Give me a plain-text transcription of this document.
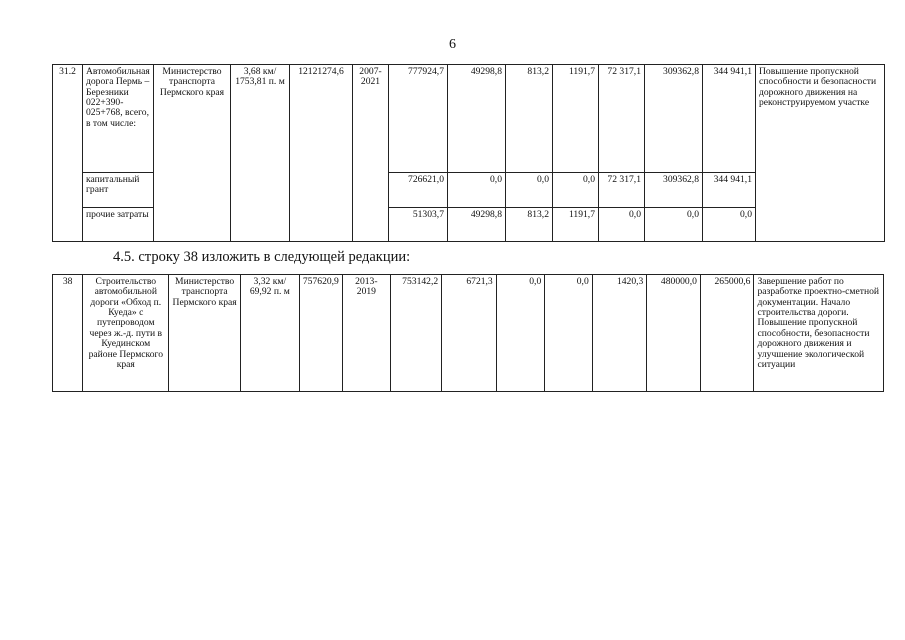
6
31.2	Автомобильная дорога Пермь – Березники 022+390-025+768, всего, в том числе:	Министерство транспорта Пермского края	3,68 км/ 1753,81 п. м	12121274,6	2007-2021	777924,7	49298,8	813,2	1191,7	72 317,1	309362,8	344 941,1	Повышение пропускной способности и безопасности дорожного движения на реконструируемом участке
	капитальный грант					726621,0	0,0	0,0	0,0	72 317,1	309362,8	344 941,1	
	прочие затраты					51303,7	49298,8	813,2	1191,7	0,0	0,0	0,0	
4.5. строку 38 изложить в следующей редакции:
38	Строительство автомобильной дороги «Обход п. Куеда» с путепроводом через ж.-д. пути в Куединском районе Пермского края	Министерство транспорта Пермского края	3,32 км/ 69,92 п. м	757620,9	2013-2019	753142,2	6721,3	0,0	0,0	1420,3	480000,0	265000,6	Завершение работ по разработке проектно-сметной документации. Начало строительства дороги. Повышение пропускной способности, безопасности дорожного движения и улучшение экологической ситуации
